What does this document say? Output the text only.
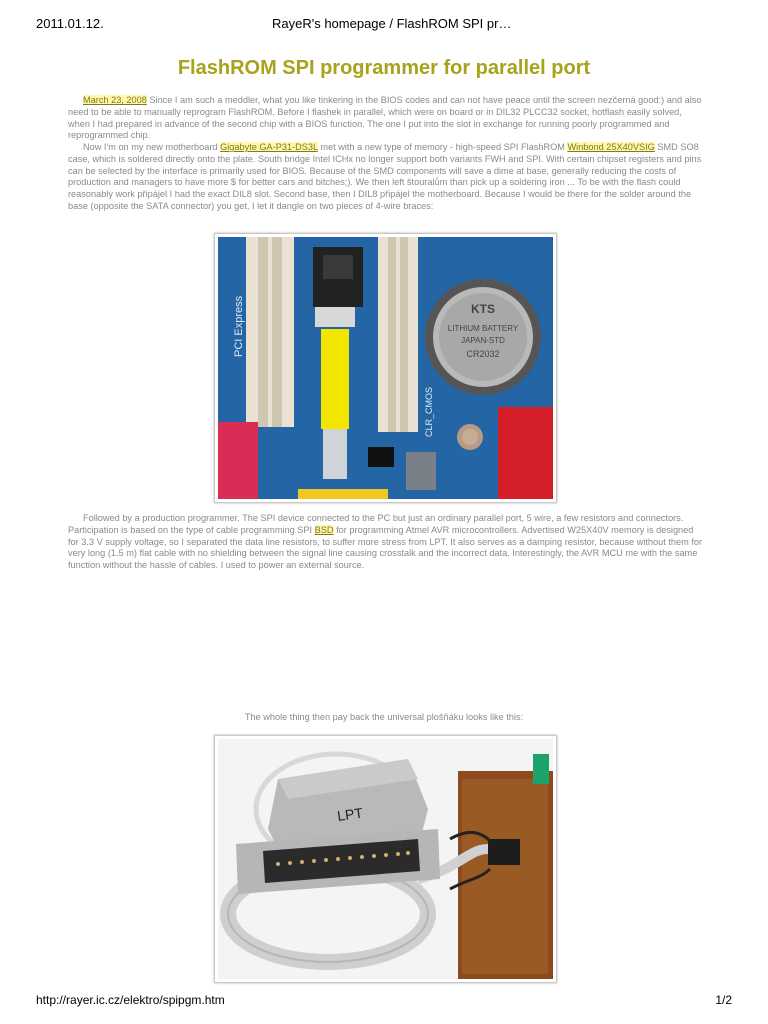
2011.01.12.	RayeR's homepage / FlashROM SPI pr…
FlashROM SPI programmer for parallel port

March 23, 2008 Since I am such a meddler, what you like tinkering in the BIOS codes and can not have peace until the screen nezčerná good:) and also need to be able to manually reprogram FlashROM. Before I flashek in parallel, which were on board or in DIL32 PLCC32 socket, hotflash easily solved, when I had prepared in advance of the second chip with a BIOS function. The one I put into the slot in exchange for running poorly programmed and reprogrammed chip.

Now I'm on my new motherboard Gigabyte GA-P31-DS3L met with a new type of memory - high-speed SPI FlashROM Winbond 25X40VSIG SMD SO8 case, which is soldered directly onto the plate. South bridge Intel ICHx no longer support both variants FWH and SPI. With certain chipset registers and pins can be selected by the interface is primarily used for BIOS. Because of the SMD components will save a dime at base, generally reducing the costs of production and managers to have more $ for better cars and bitches;). We then left štouralům than pick up a soldering iron ... To be with the flash could reasonably work připájel I had the exact DIL8 slot. Second base, then I DIL8 připájel the motherboard. Because I would be there for the solder around the base (opposite the SATA connector) you get, I let it dangle on two pieces of 4-wire braces:

PCI Express	KTS
LITHIUM BATTERY
JAPAN-STD
CR2032
CLR_CMOS

Followed by a production programmer. The SPI device connected to the PC but just an ordinary parallel port, 5 wire, a few resistors and connectors. Participation is based on the type of cable programming SPI BSD for programming Atmel AVR microcontrollers. Advertised W25X40V memory is designed for 3.3 V supply voltage, so I separated the data line resistors, to suffer more stress from LPT. It also serves as a damping resistor, because without them for very long (1.5 m) flat cable with no shielding between the signal line causing crosstalk and the incorrect data. Interestingly, the AVR MCU me with the same function without the hassle of cables. I used to power an external source.

The whole thing then pay back the universal plošňáku looks like this:
LPT
http://rayer.ic.cz/elektro/spipgm.htm	1/2
